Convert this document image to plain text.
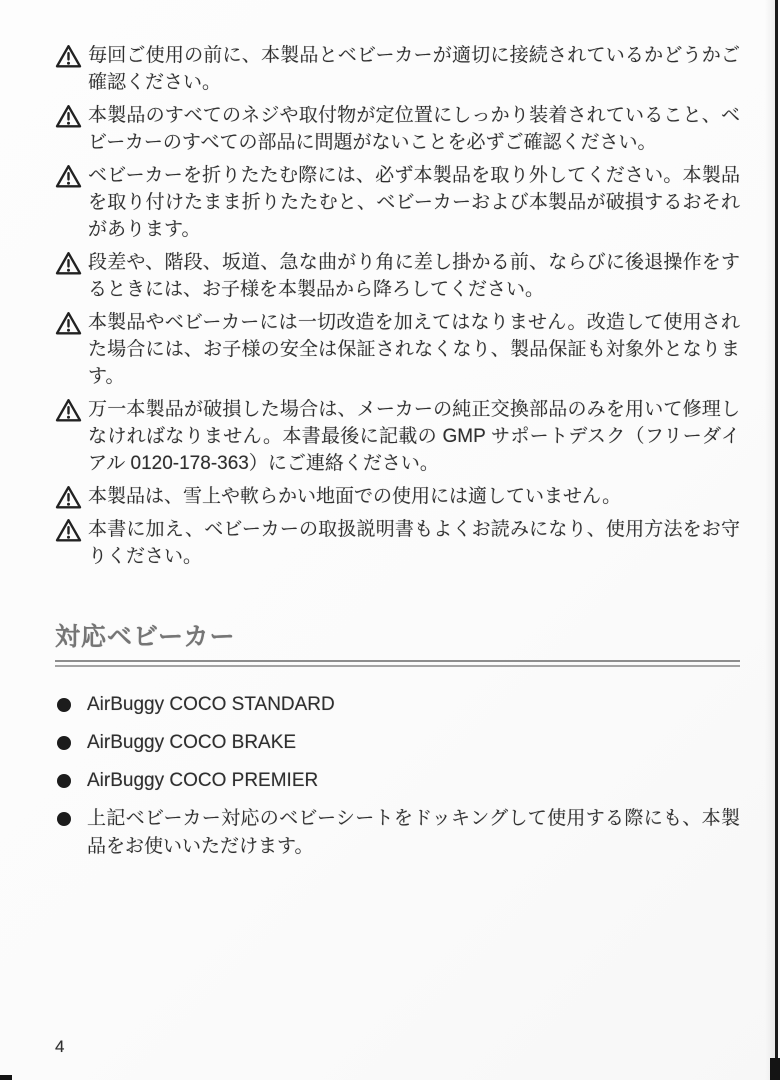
毎回ご使用の前に、本製品とベビーカーが適切に接続されているかどうかご確認ください。
本製品のすべてのネジや取付物が定位置にしっかり装着されていること、ベビーカーのすべての部品に問題がないことを必ずご確認ください。
ベビーカーを折りたたむ際には、必ず本製品を取り外してください。本製品を取り付けたまま折りたたむと、ベビーカーおよび本製品が破損するおそれがあります。
段差や、階段、坂道、急な曲がり角に差し掛かる前、ならびに後退操作をするときには、お子様を本製品から降ろしてください。
本製品やベビーカーには一切改造を加えてはなりません。改造して使用された場合には、お子様の安全は保証されなくなり、製品保証も対象外となります。
万一本製品が破損した場合は、メーカーの純正交換部品のみを用いて修理しなければなりません。本書最後に記載の GMP サポートデスク（フリーダイアル 0120-178-363）にご連絡ください。
本製品は、雪上や軟らかい地面での使用には適していません。
本書に加え、ベビーカーの取扱説明書もよくお読みになり、使用方法をお守りください。
対応ベビーカー
AirBuggy COCO STANDARD
AirBuggy COCO BRAKE
AirBuggy COCO PREMIER
上記ベビーカー対応のベビーシートをドッキングして使用する際にも、本製品をお使いいただけます。
4
